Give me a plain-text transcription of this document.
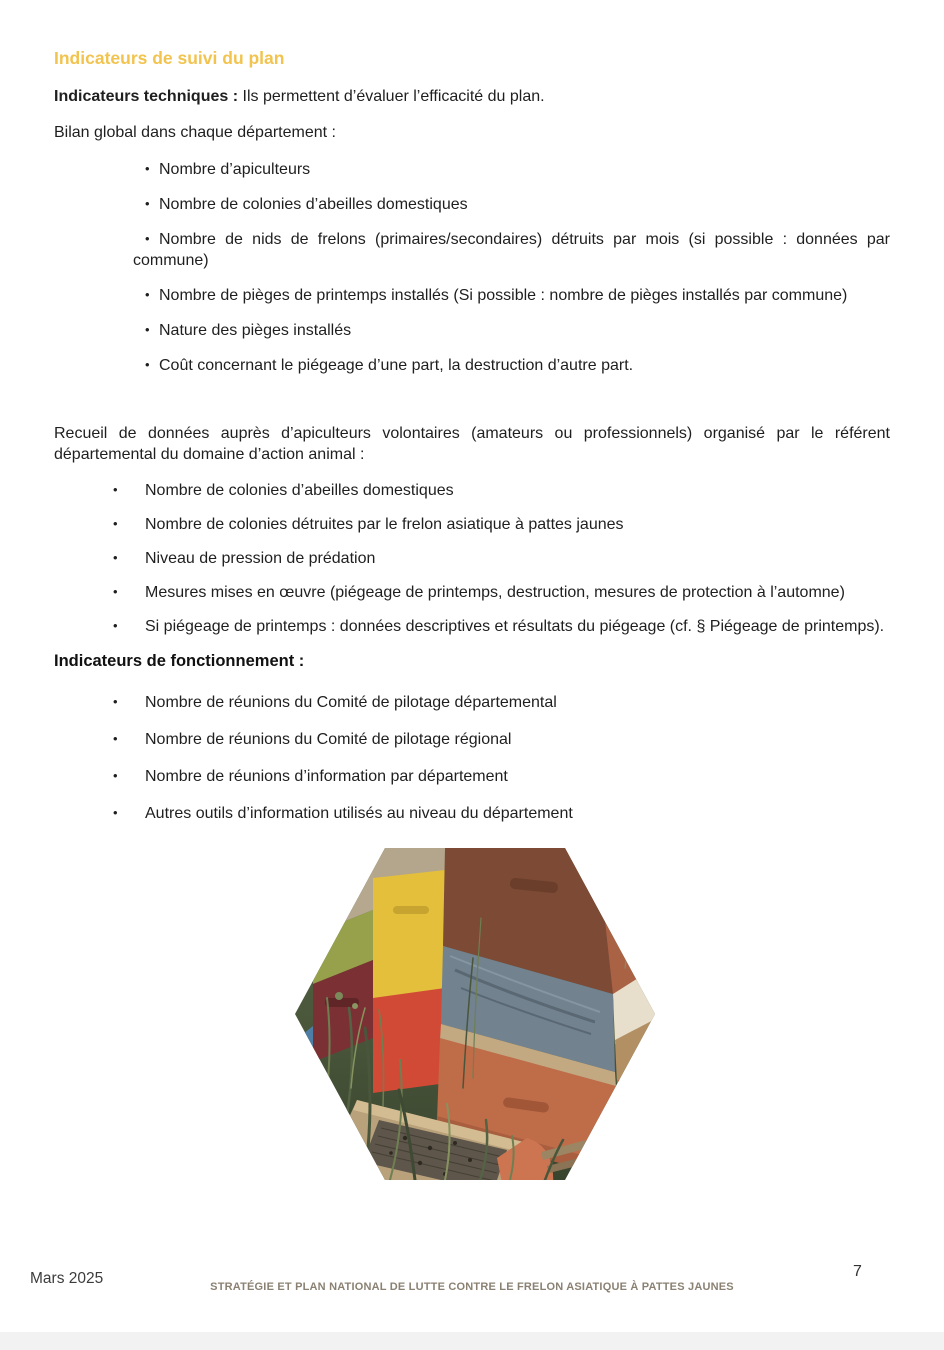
Indicateurs de suivi du plan

Indicateurs techniques : Ils permettent d’évaluer l’efficacité du plan.

Bilan global dans chaque département :

• Nombre d’apiculteurs
• Nombre de colonies d’abeilles domestiques
• Nombre de nids de frelons (primaires/secondaires) détruits par mois (si possible : données par commune)
• Nombre de pièges de printemps installés (Si possible : nombre de pièges installés par commune)
• Nature des pièges installés
• Coût concernant le piégeage d’une part, la destruction d’autre part.

Recueil de données auprès d’apiculteurs volontaires (amateurs ou professionnels) organisé par le référent départemental du domaine d’action animal :

• Nombre de colonies d’abeilles domestiques
• Nombre de colonies détruites par le frelon asiatique à pattes jaunes
• Niveau de pression de prédation
• Mesures mises en œuvre (piégeage de printemps, destruction, mesures de protection à l’automne)
• Si piégeage de printemps : données descriptives et résultats du piégeage (cf. § Piégeage de printemps).
Indicateurs de fonctionnement :
• Nombre de réunions du Comité de pilotage départemental
• Nombre de réunions du Comité de pilotage régional
• Nombre de réunions d’information par département
• Autres outils d’information utilisés au niveau du département
Mars 2025	STRATÉGIE ET PLAN NATIONAL DE LUTTE CONTRE LE FRELON ASIATIQUE À PATTES JAUNES
7
